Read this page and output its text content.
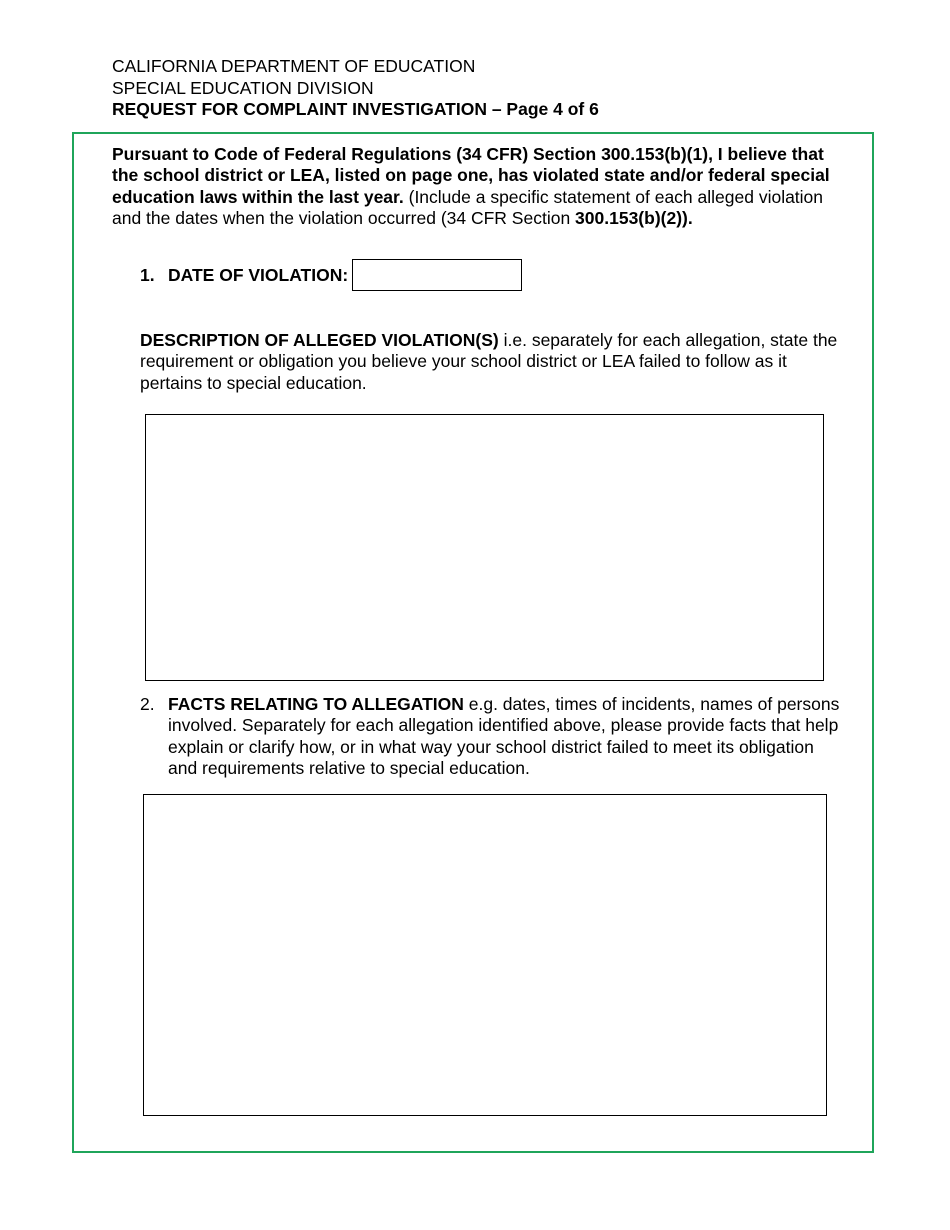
CALIFORNIA DEPARTMENT OF EDUCATION
SPECIAL EDUCATION DIVISION
REQUEST FOR COMPLAINT INVESTIGATION – Page 4 of 6
Pursuant to Code of Federal Regulations (34 CFR) Section 300.153(b)(1), I believe that the school district or LEA, listed on page one, has violated state and/or federal special education laws within the last year. (Include a specific statement of each alleged violation and the dates when the violation occurred (34 CFR Section 300.153(b)(2)).
1. DATE OF VIOLATION:
DESCRIPTION OF ALLEGED VIOLATION(S) i.e. separately for each allegation, state the requirement or obligation you believe your school district or LEA failed to follow as it pertains to special education.
2. FACTS RELATING TO ALLEGATION e.g. dates, times of incidents, names of persons involved. Separately for each allegation identified above, please provide facts that help explain or clarify how, or in what way your school district failed to meet its obligation and requirements relative to special education.
